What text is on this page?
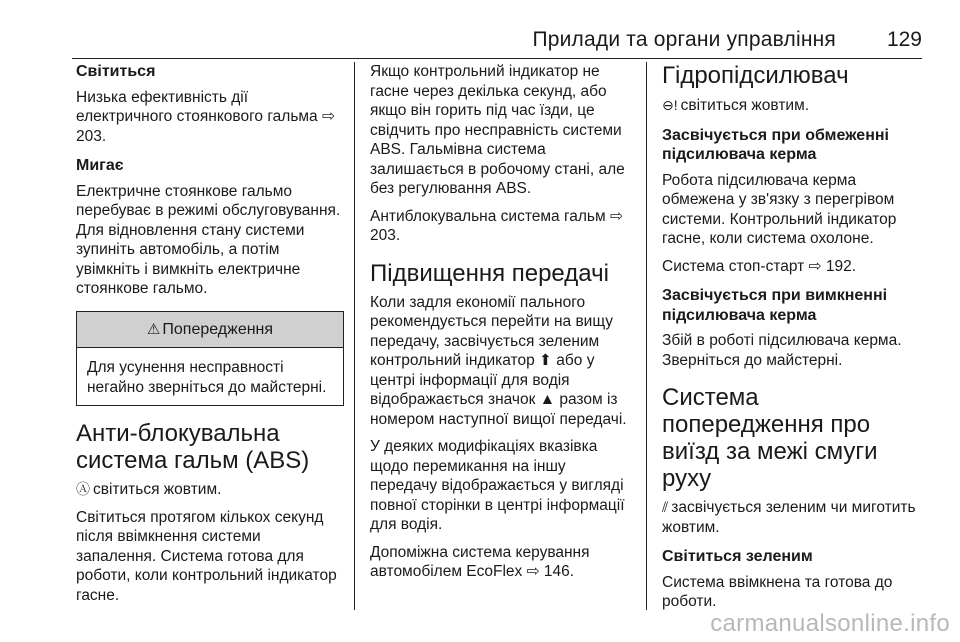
Прилади та органи управління 129
Світиться

Низька ефективність дії електричного стоянкового гальма ⇨ 203.

Мигає

Електричне стоянкове гальмо перебуває в режимі обслуговування. Для відновлення стану системи зупиніть автомобіль, а потім увімкніть і вимкніть електричне стоянкове гальмо.

⚠ Попередження
Для усунення несправності негайно зверніться до майстерні.
Анти-блокувальна система гальм (ABS)

Ⓐ світиться жовтим.

Світиться протягом кількох секунд після ввімкнення системи запалення. Система готова для роботи, коли контрольний індикатор гасне.

Якщо контрольний індикатор не гасне через декілька секунд, або якщо він горить під час їзди, це свідчить про несправність системи ABS. Гальмівна система залишається в робочому стані, але без регулювання ABS.

Антиблокувальна система гальм ⇨ 203.

Підвищення передачі

Коли задля економії пального рекомендується перейти на вищу передачу, засвічується зеленим контрольний індикатор ⬆ або у центрі інформації для водія відображається значок ▲ разом із номером наступної вищої передачі.

У деяких модифікаціях вказівка щодо перемикання на іншу передачу відображається у вигляді повної сторінки в центрі інформації для водія.

Допоміжна система керування автомобілем EcoFlex ⇨ 146.

Гідропідсилювач

⊖! світиться жовтим.

Засвічується при обмеженні підсилювача керма

Робота підсилювача керма обмежена у зв'язку з перегрівом системи. Контрольний індикатор гасне, коли система охолоне.

Система стоп-старт ⇨ 192.

Засвічується при вимкненні підсилювача керма

Збій в роботі підсилювача керма. Зверніться до майстерні.

Система попередження про виїзд за межі смуги руху

⫽ засвічується зеленим чи миготить жовтим.

Світиться зеленим

Система ввімкнена та готова до роботи.

carmanualsonline.info
